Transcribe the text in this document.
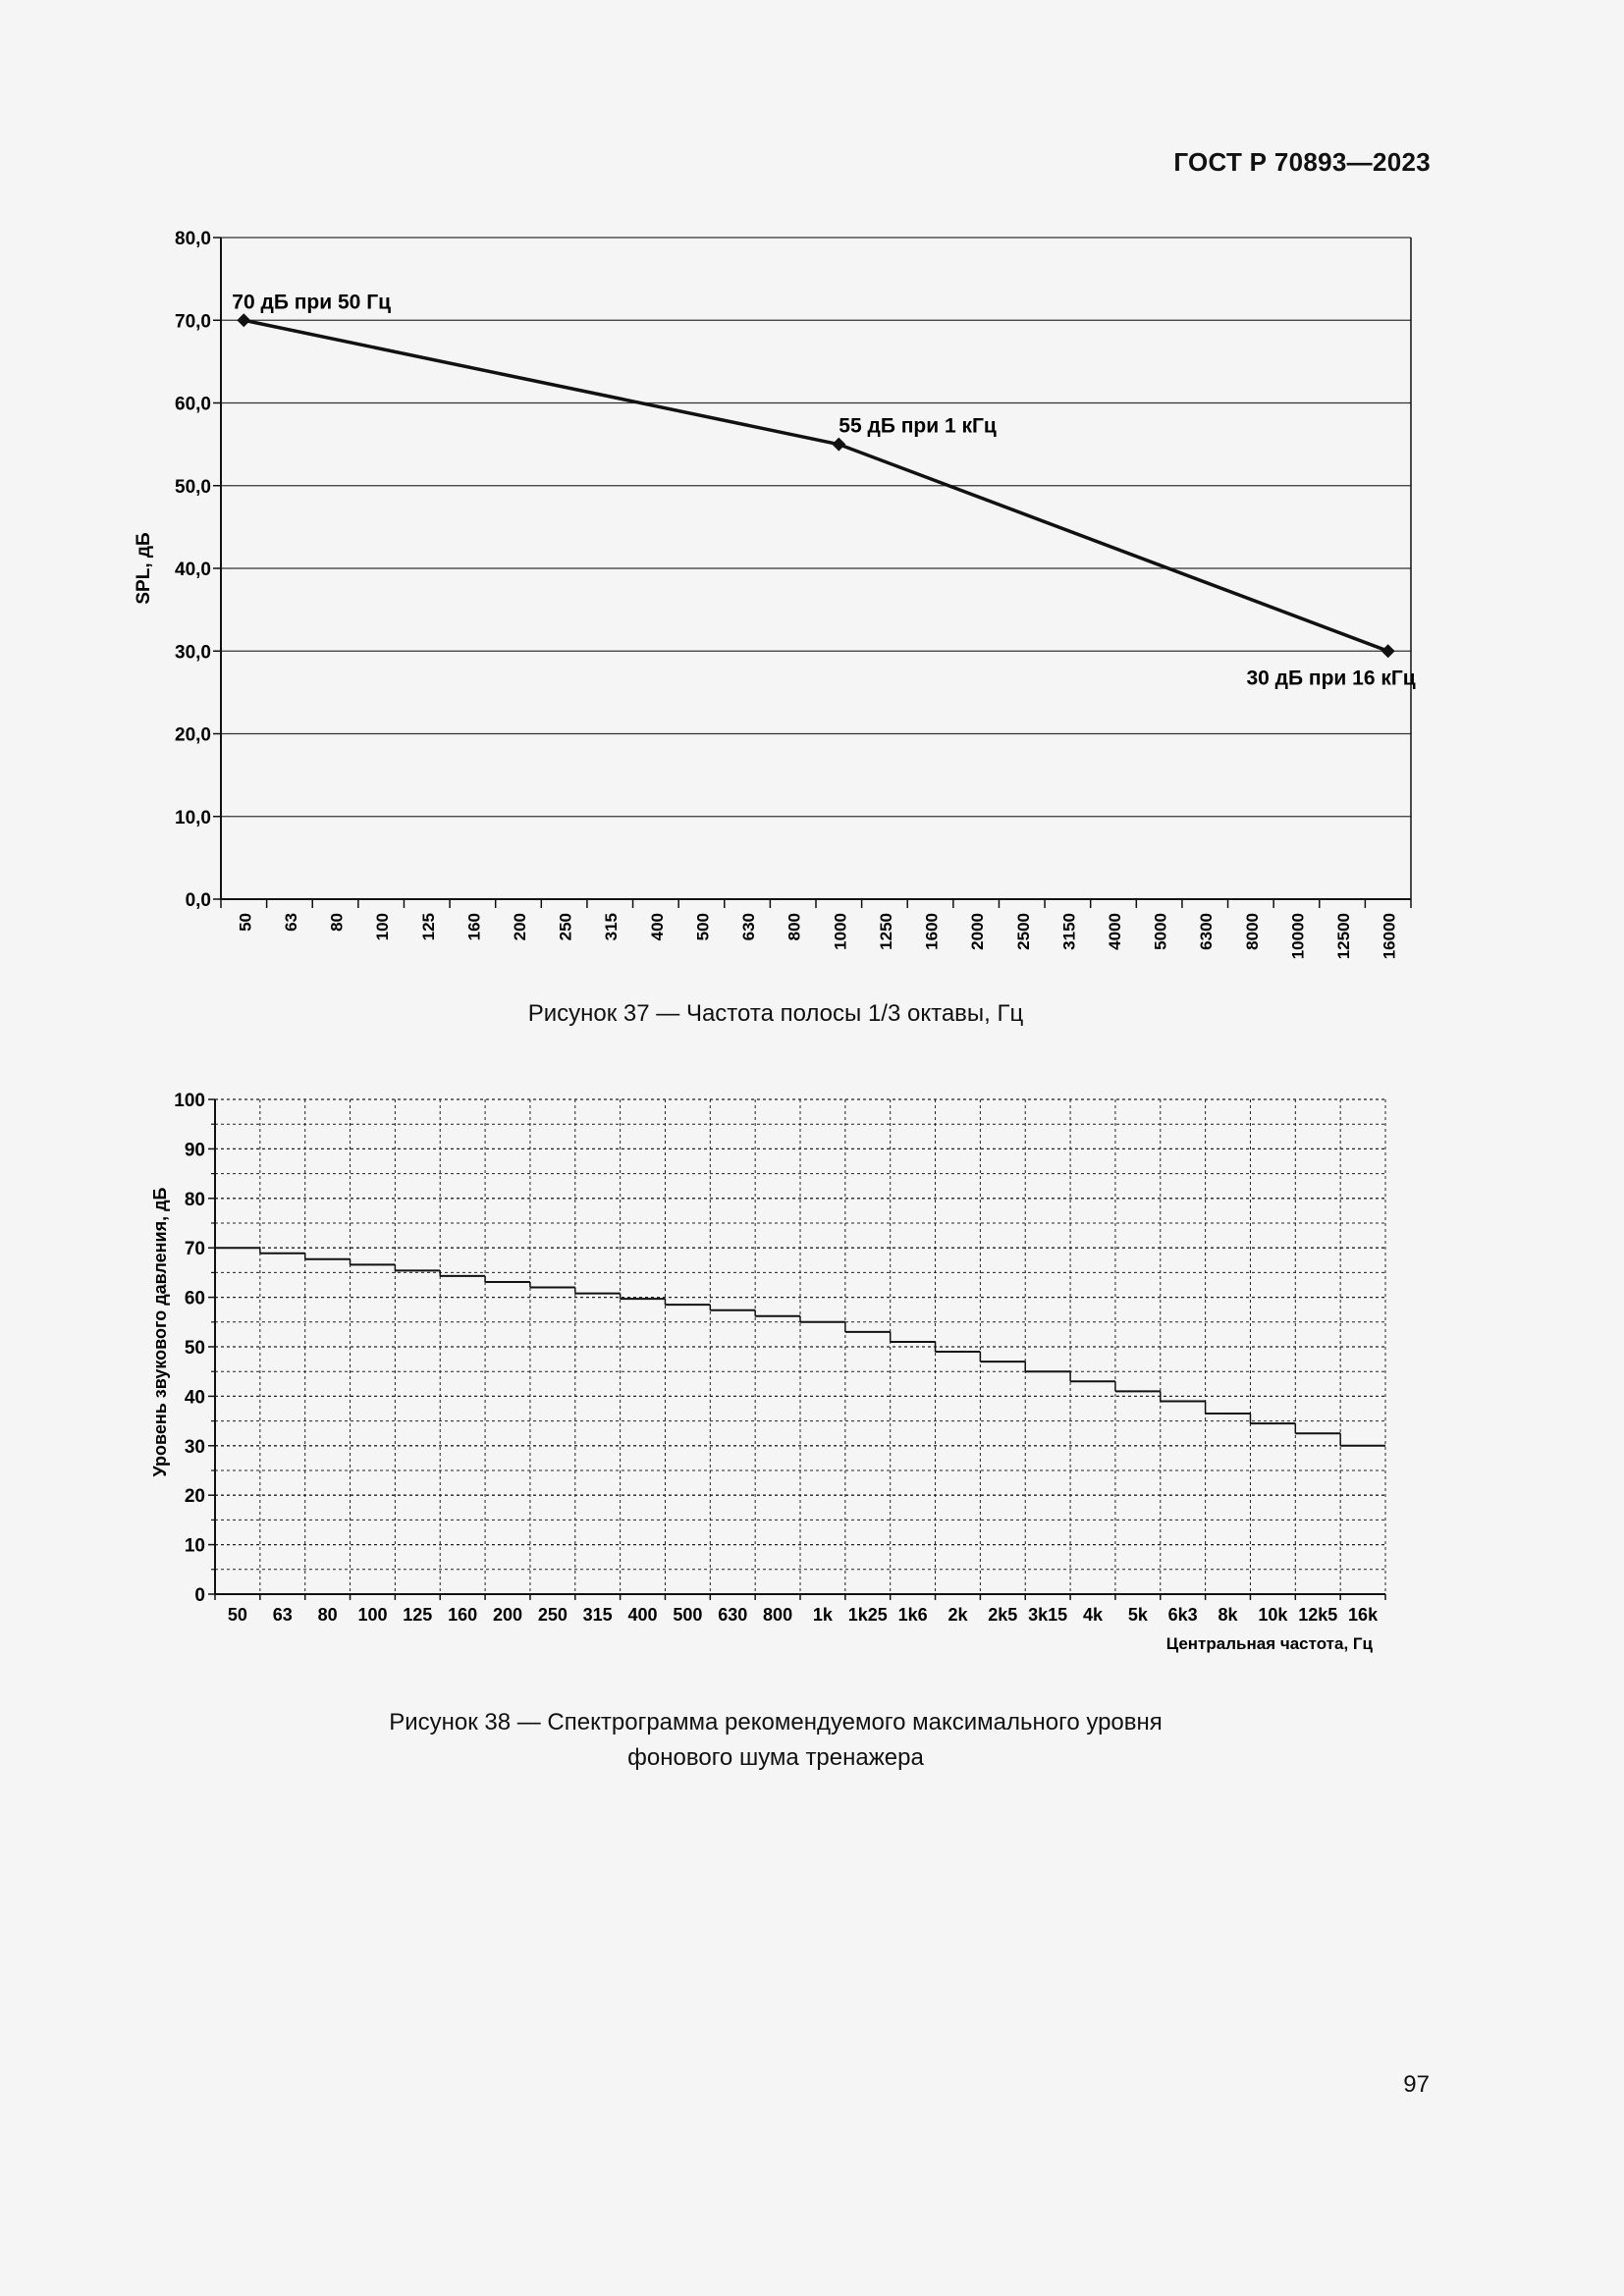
ГОСТ Р 70893—2023
0,0
10,0
20,0
30,0
40,0
50,0
60,0
70,0
80,0
50 63 80 100 125 160 200 250 315 400 500 630 800 1000 1250 1600 2000 2500 3150 4000 5000 6300 8000 10000 12500 16000
SPL, дБ
70 дБ при 50 Гц
55 дБ при 1 кГц
30 дБ при 16 кГц
Рисунок 37 — Частота полосы 1/3 октавы, Гц
0
10
20
30
40
50
60
70
80
90
100
50 63 80 100 125 160 200 250 315 400 500 630 800 1k 1k25 1k6 2k 2k5 3k15 4k 5k 6k3 8k 10k 12k5 16k
Центральная частота, Гц
Уровень звукового давления, дБ
Рисунок 38 — Спектрограмма рекомендуемого максимального уровня
фонового шума тренажера
97
